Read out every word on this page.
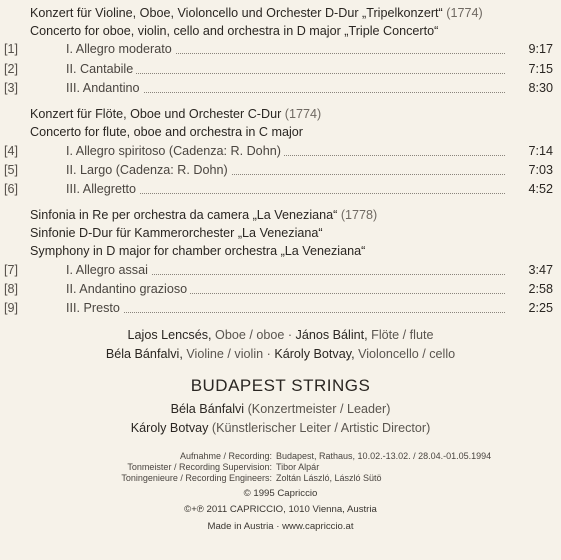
Konzert für Violine, Oboe, Violoncello und Orchester D-Dur „Tripelkonzert“ (1774)
Concerto for oboe, violin, cello and orchestra in D major „Triple Concerto“
[1]	I. Allegro moderato	9:17
[2]	II. Cantabile	7:15
[3]	III. Andantino	8:30
Konzert für Flöte, Oboe und Orchester C-Dur (1774)
Concerto for flute, oboe and orchestra in C major
[4]	I. Allegro spiritoso (Cadenza: R. Dohn)	7:14
[5]	II. Largo (Cadenza: R. Dohn)	7:03
[6]	III. Allegretto	4:52
Sinfonia in Re per orchestra da camera „La Veneziana“ (1778)
Sinfonie D-Dur für Kammerorchester „La Veneziana“
Symphony in D major for chamber orchestra „La Veneziana“
[7]	I. Allegro assai	3:47
[8]	II. Andantino grazioso	2:58
[9]	III. Presto	2:25
Lajos Lencsés, Oboe / oboe · János Bálint, Flöte / flute
Béla Bánfalvi, Violine / violin · Károly Botvay, Violoncello / cello
BUDAPEST STRINGS
Béla Bánfalvi (Konzertmeister / Leader)
Károly Botvay (Künstlerischer Leiter / Artistic Director)
Aufnahme / Recording: Budapest, Rathaus, 10.02.-13.02. / 28.04.-01.05.1994
Tonmeister / Recording Supervision: Tibor Alpár
Toningenieure / Recording Engineers: Zoltán László, László Sütö
© 1995 Capriccio
©+℗ 2011 CAPRICCIO, 1010 Vienna, Austria
Made in Austria · www.capriccio.at
